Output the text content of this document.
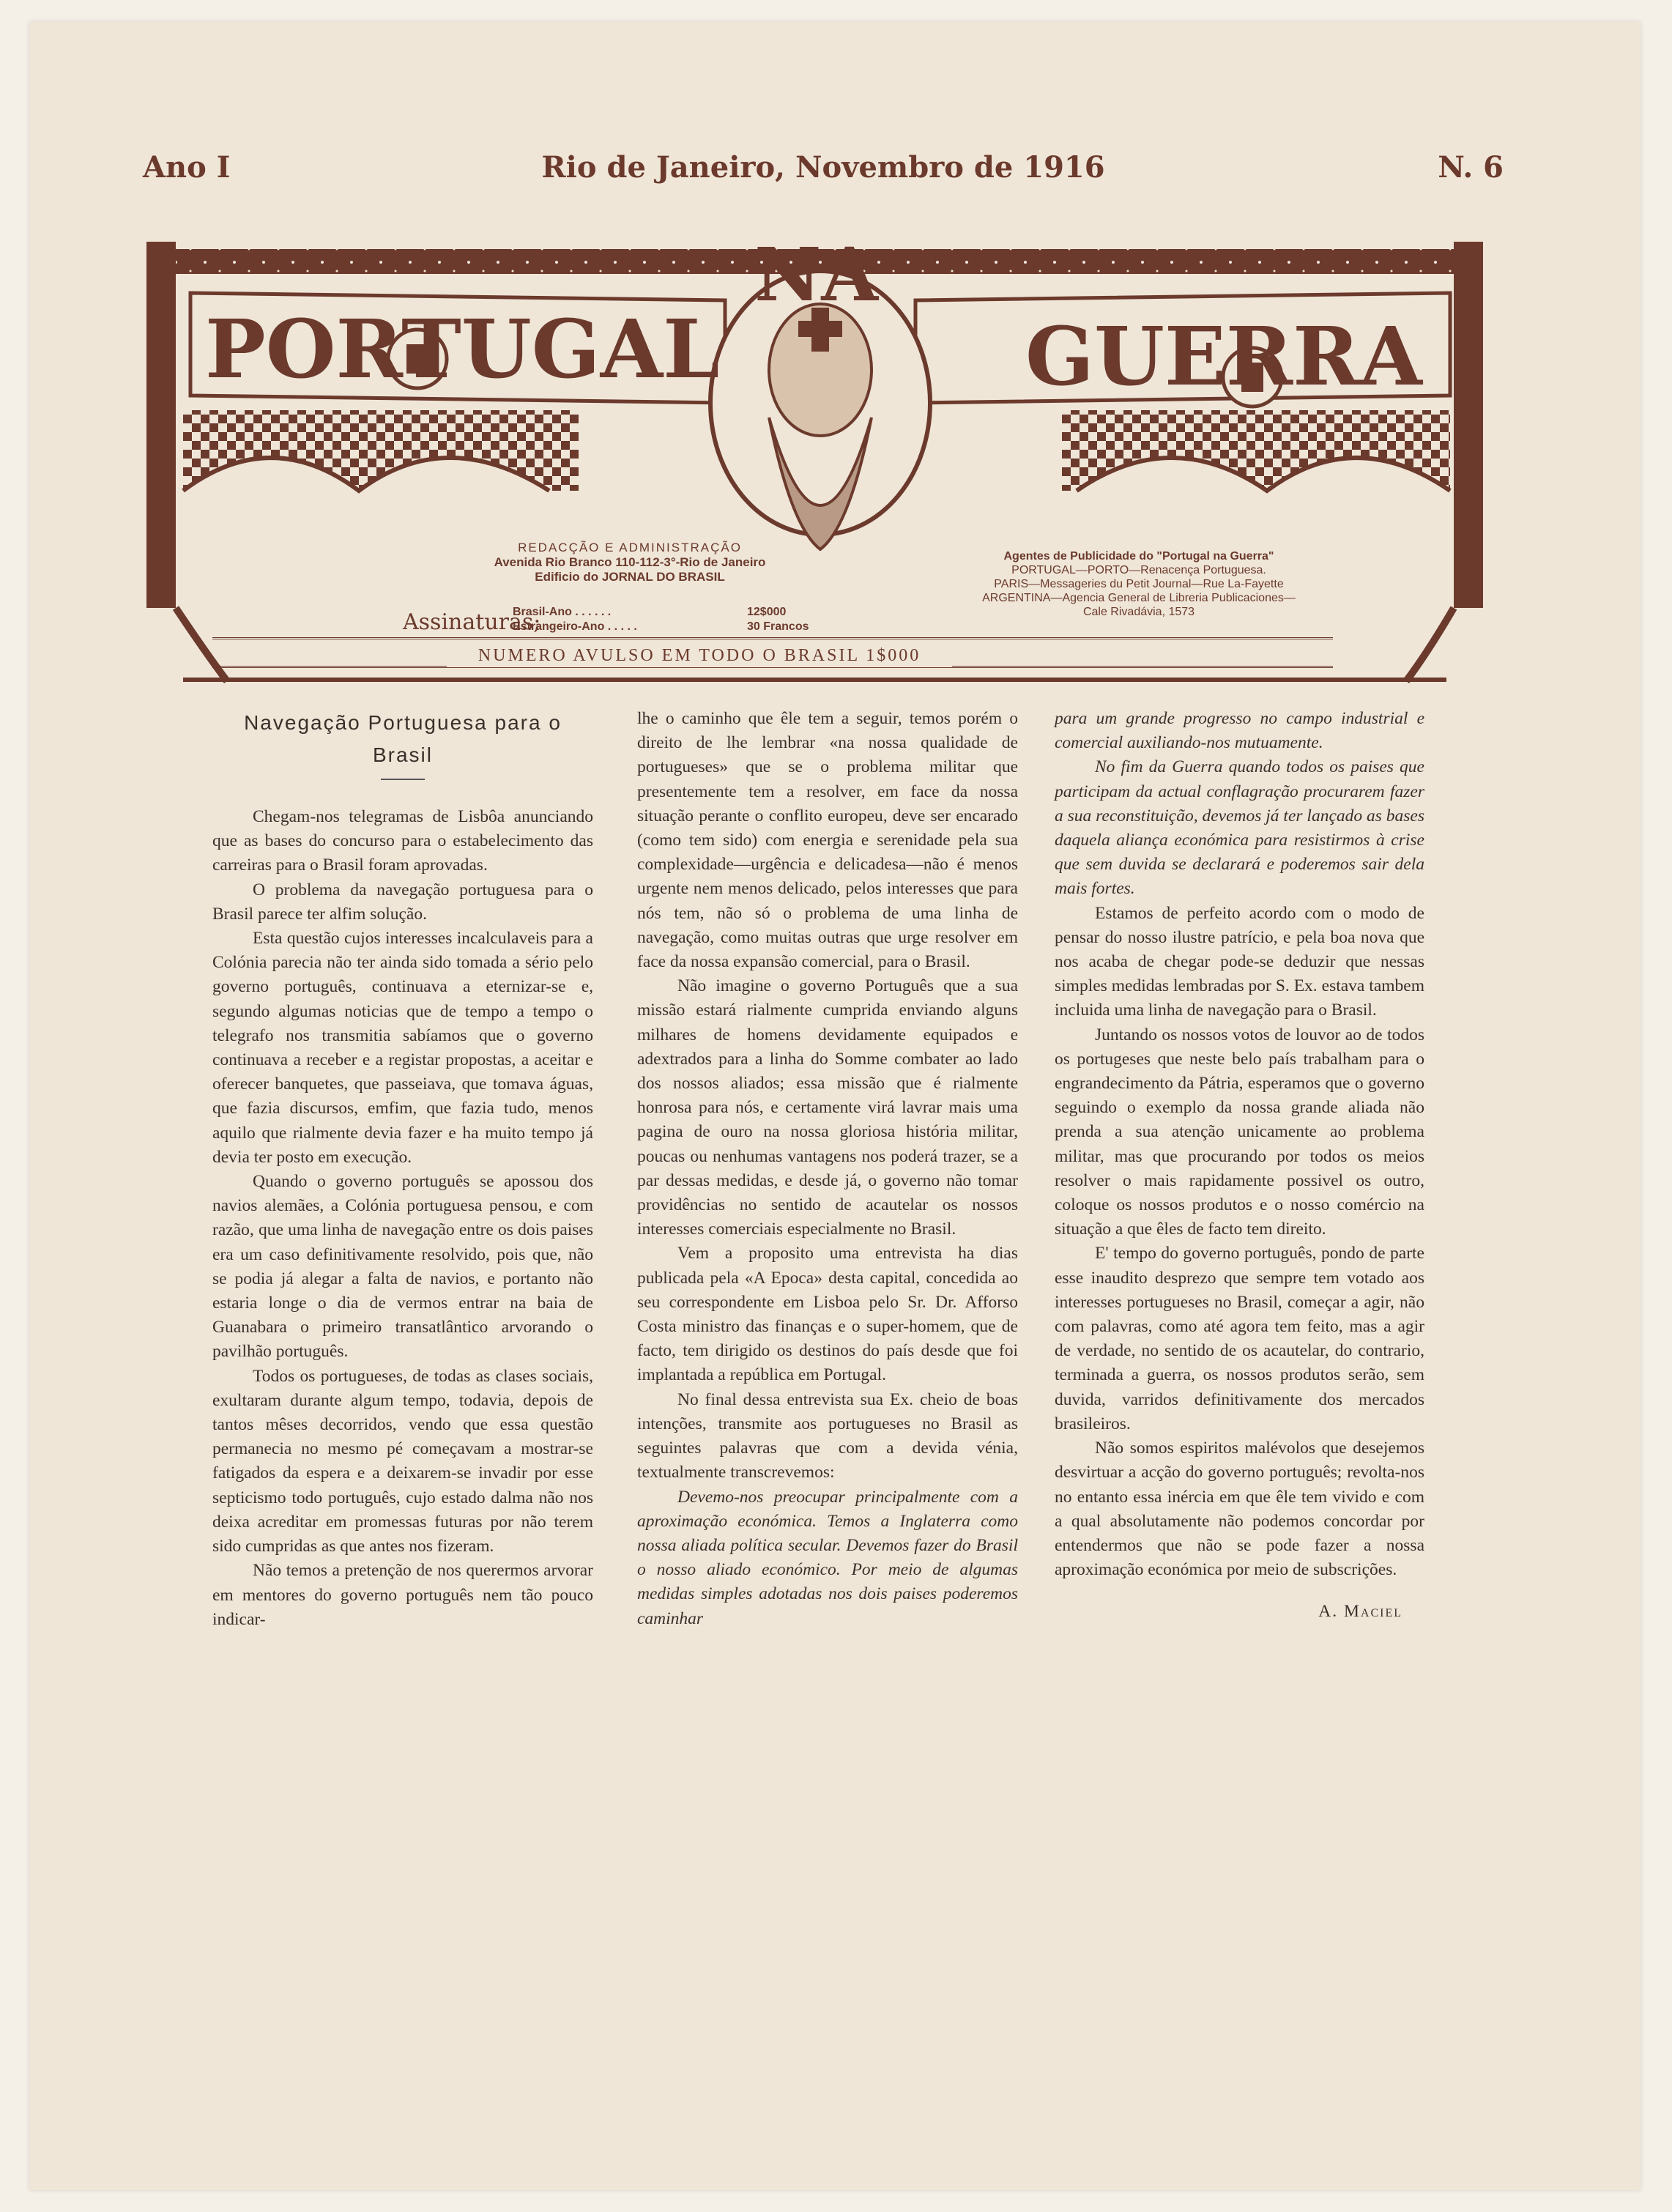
Ano I	Rio de Janeiro, Novembro de 1916	N. 6
PORTUGAL
NA
GUERRA
REDACÇÃO E ADMINISTRAÇÃO
Avenida Rio Branco 110-112-3°-Rio de Janeiro
Edificio do JORNAL DO BRASIL
Assinaturas;
Brasil-Ano . . . . . .
Estrangeiro-Ano . . . . .
12$000
30 Francos
Agentes de Publicidade do "Portugal na Guerra"
PORTUGAL—PORTO—Renacença Portuguesa.
PARIS—Messageries du Petit Journal—Rue La-Fayette
ARGENTINA—Agencia General de Libreria Publicaciones—
Cale Rivadávia, 1573
NUMERO AVULSO EM TODO O BRASIL 1$000
Navegação Portuguesa para o Brasil

Chegam-nos telegramas de Lisbôa anunciando que as bases do concurso para o estabelecimento das carreiras para o Brasil foram aprovadas.

O problema da navegação portuguesa para o Brasil parece ter alfim solução.

Esta questão cujos interesses incalculaveis para a Colónia parecia não ter ainda sido tomada a sério pelo governo português, continuava a eternizar-se e, segundo algumas noticias que de tempo a tempo o telegrafo nos transmitia sabíamos que o governo continuava a receber e a registar propostas, a aceitar e oferecer banquetes, que passeiava, que tomava águas, que fazia discursos, emfim, que fazia tudo, menos aquilo que rialmente devia fazer e ha muito tempo já devia ter posto em execução.

Quando o governo português se apossou dos navios alemães, a Colónia portuguesa pensou, e com razão, que uma linha de navegação entre os dois paises era um caso definitivamente resolvido, pois que, não se podia já alegar a falta de navios, e portanto não estaria longe o dia de vermos entrar na baia de Guanabara o primeiro transatlântico arvorando o pavilhão português.

Todos os portugueses, de todas as clases sociais, exultaram durante algum tempo, todavia, depois de tantos mêses decorridos, vendo que essa questão permanecia no mesmo pé começavam a mostrar-se fatigados da espera e a deixarem-se invadir por esse septicismo todo português, cujo estado dalma não nos deixa acreditar em promessas futuras por não terem sido cumpridas as que antes nos fizeram.

Não temos a pretenção de nos querermos arvorar em mentores do governo português nem tão pouco indicar-

lhe o caminho que êle tem a seguir, temos porém o direito de lhe lembrar «na nossa qualidade de portugueses» que se o problema militar que presentemente tem a resolver, em face da nossa situação perante o conflito europeu, deve ser encarado (como tem sido) com energia e serenidade pela sua complexidade—urgência e delicadesa—não é menos urgente nem menos delicado, pelos interesses que para nós tem, não só o problema de uma linha de navegação, como muitas outras que urge resolver em face da nossa expansão comercial, para o Brasil.

Não imagine o governo Português que a sua missão estará rialmente cumprida enviando alguns milhares de homens devidamente equipados e adextrados para a linha do Somme combater ao lado dos nossos aliados; essa missão que é rialmente honrosa para nós, e certamente virá lavrar mais uma pagina de ouro na nossa gloriosa história militar, poucas ou nenhumas vantagens nos poderá trazer, se a par dessas medidas, e desde já, o governo não tomar providências no sentido de acautelar os nossos interesses comerciais especialmente no Brasil.

Vem a proposito uma entrevista ha dias publicada pela «A Epoca» desta capital, concedida ao seu correspondente em Lisboa pelo Sr. Dr. Afforso Costa ministro das finanças e o super-homem, que de facto, tem dirigido os destinos do país desde que foi implantada a república em Portugal.

No final dessa entrevista sua Ex. cheio de boas intenções, transmite aos portugueses no Brasil as seguintes palavras que com a devida vénia, textualmente transcrevemos:

Devemo-nos preocupar principalmente com a aproximação económica. Temos a Inglaterra como nossa aliada política secular. Devemos fazer do Brasil o nosso aliado económico. Por meio de algumas medidas simples adotadas nos dois paises poderemos caminhar

para um grande progresso no campo industrial e comercial auxiliando-nos mutuamente.

No fim da Guerra quando todos os paises que participam da actual conflagração procurarem fazer a sua reconstituição, devemos já ter lançado as bases daquela aliança económica para resistirmos à crise que sem duvida se declarará e poderemos sair dela mais fortes.

Estamos de perfeito acordo com o modo de pensar do nosso ilustre patrício, e pela boa nova que nos acaba de chegar pode-se deduzir que nessas simples medidas lembradas por S. Ex. estava tambem incluida uma linha de navegação para o Brasil.

Juntando os nossos votos de louvor ao de todos os portugeses que neste belo país trabalham para o engrandecimento da Pátria, esperamos que o governo seguindo o exemplo da nossa grande aliada não prenda a sua atenção unicamente ao problema militar, mas que procurando por todos os meios resolver o mais rapidamente possivel os outro, coloque os nossos produtos e o nosso comércio na situação a que êles de facto tem direito.

E' tempo do governo português, pondo de parte esse inaudito desprezo que sempre tem votado aos interesses portugueses no Brasil, começar a agir, não com palavras, como até agora tem feito, mas a agir de verdade, no sentido de os acautelar, do contrario, terminada a guerra, os nossos produtos serão, sem duvida, varridos definitivamente dos mercados brasileiros.

Não somos espiritos malévolos que desejemos desvirtuar a acção do governo português; revolta-nos no entanto essa inércia em que êle tem vivido e com a qual absolutamente não podemos concordar por entendermos que não se pode fazer a nossa aproximação económica por meio de subscrições.

A. Maciel
